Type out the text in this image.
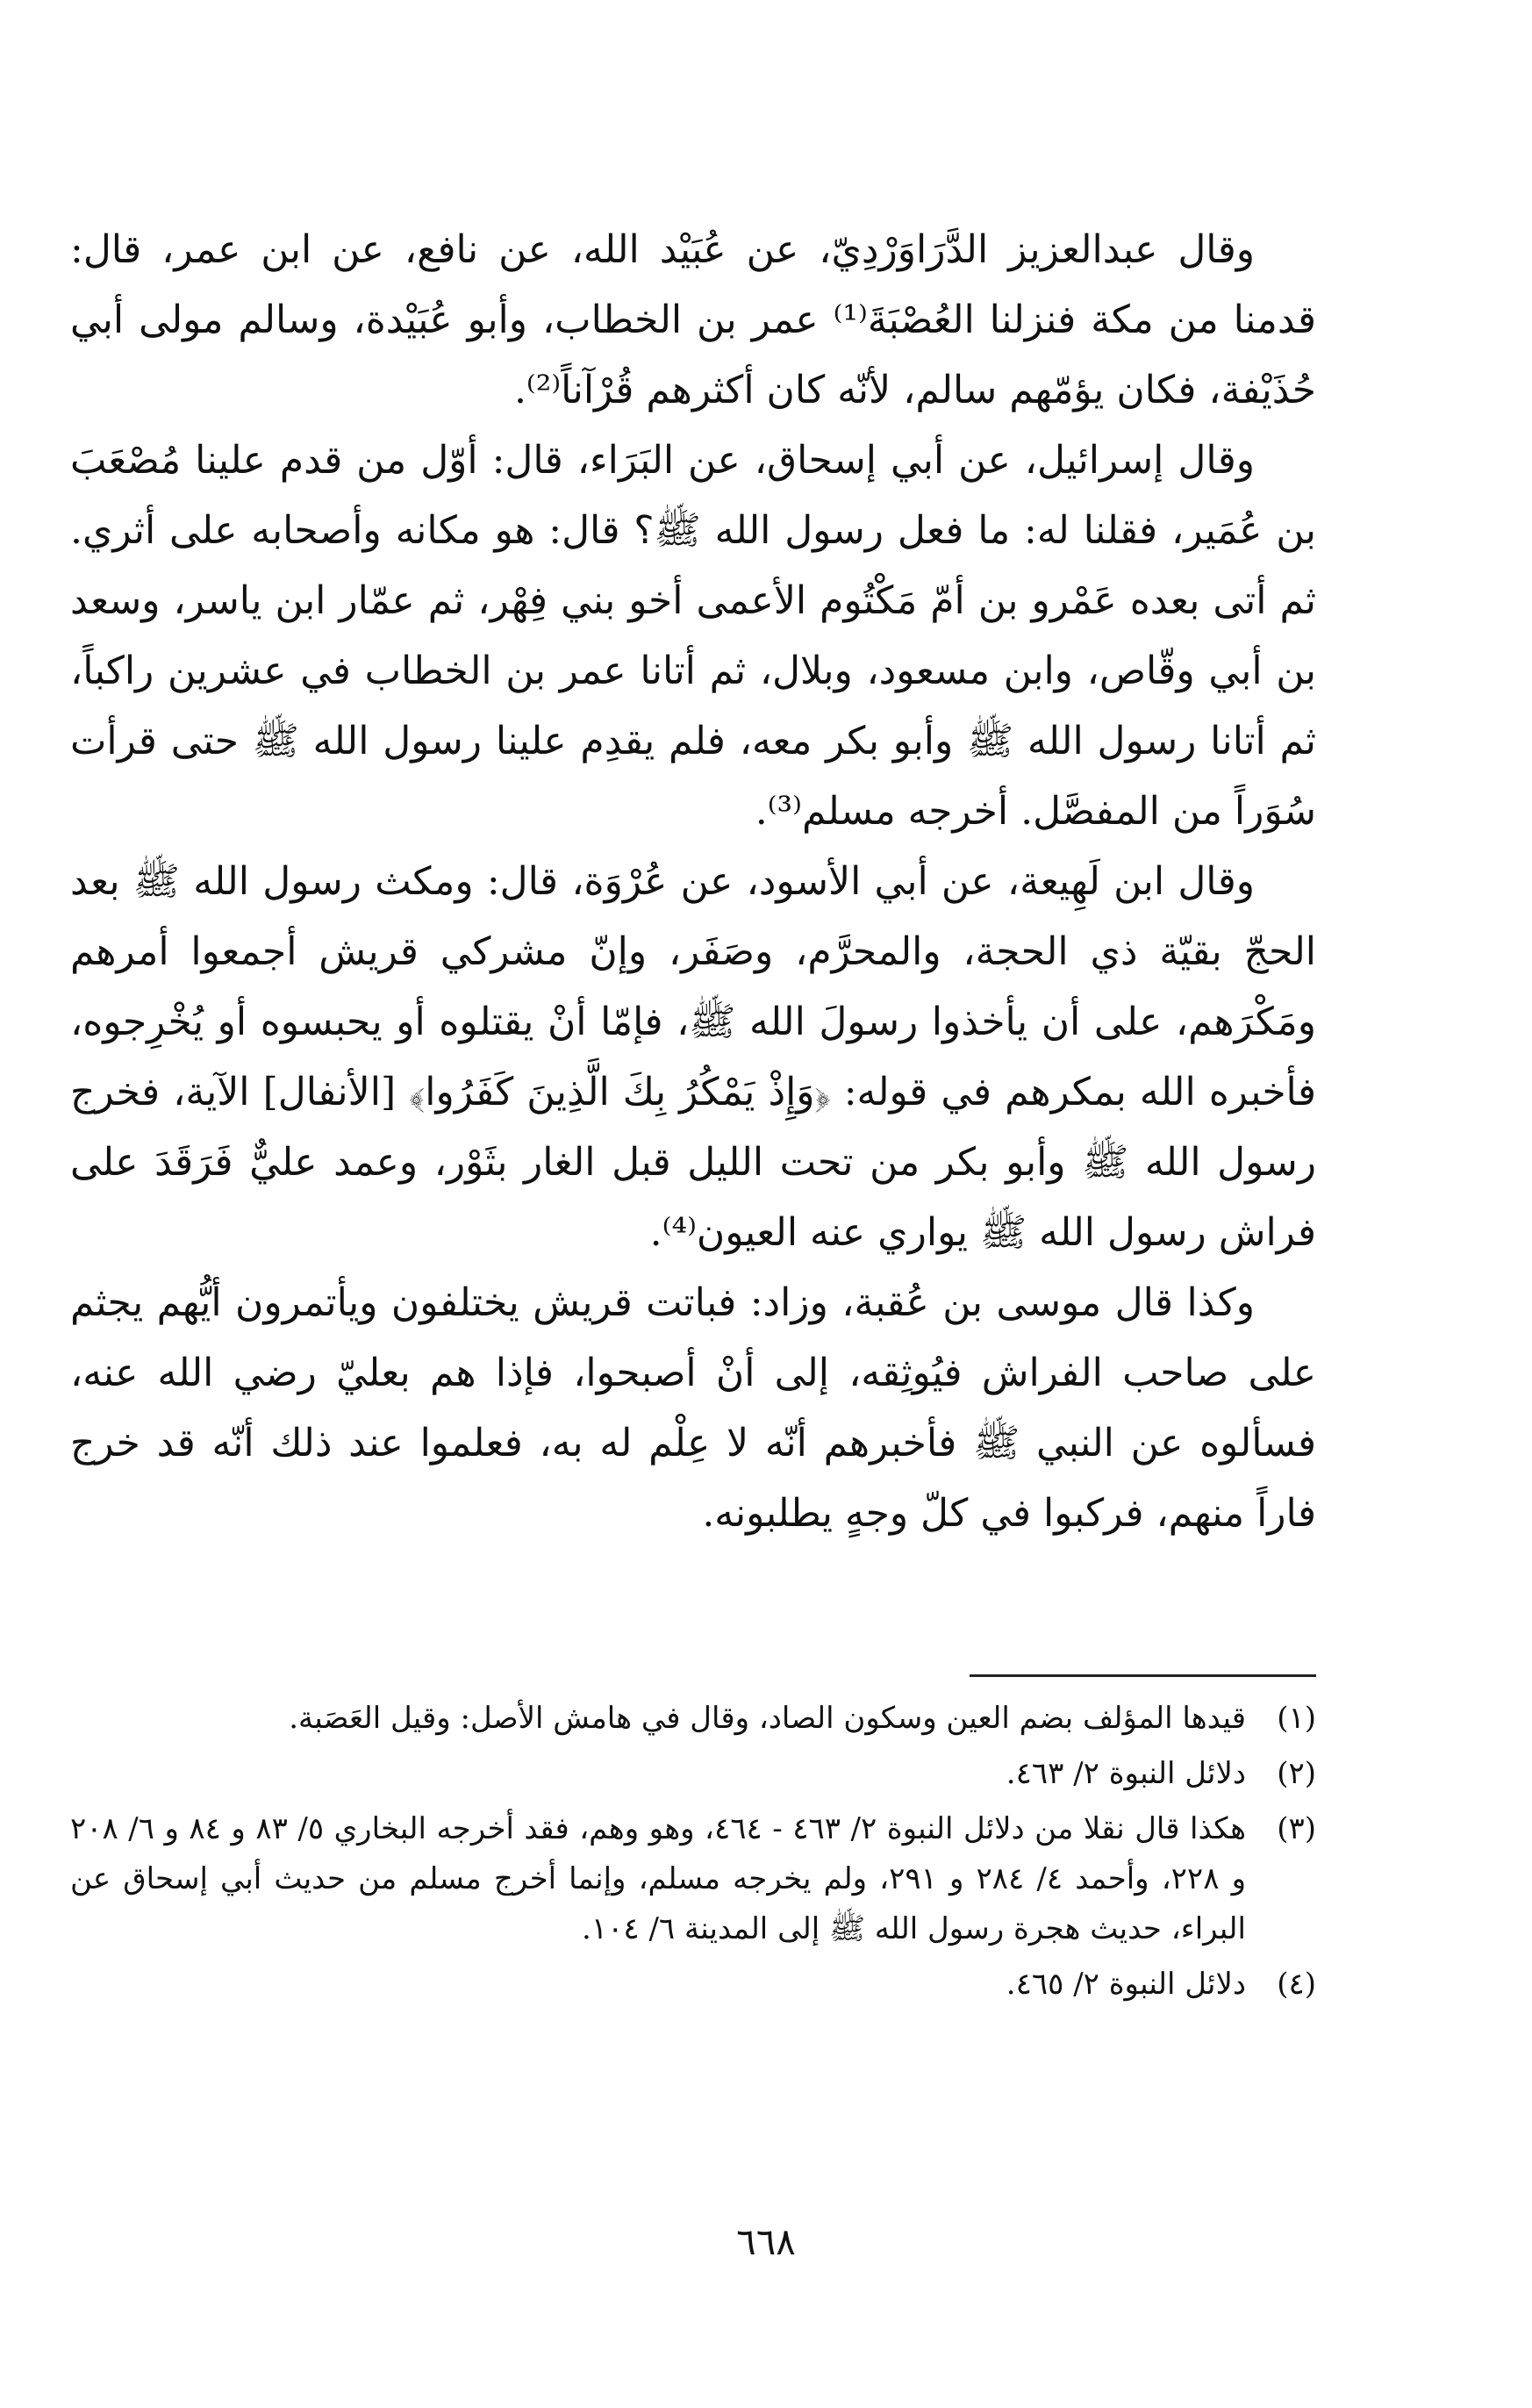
وقال عبدالعزيز الدَّرَاوَرْدِيّ، عن عُبَيْد الله، عن نافع، عن ابن عمر، قال: قدمنا من مكة فنزلنا العُصْبَةَ⁽¹⁾ عمر بن الخطاب، وأبو عُبَيْدة، وسالم مولى أبي حُذَيْفة، فكان يؤمّهم سالم، لأنّه كان أكثرهم قُرْآناً⁽²⁾.

وقال إسرائيل، عن أبي إسحاق، عن البَرَاء، قال: أوّل من قدم علينا مُصْعَبَ بن عُمَير، فقلنا له: ما فعل رسول الله ﷺ؟ قال: هو مكانه وأصحابه على أثري. ثم أتى بعده عَمْرو بن أمّ مَكْتُوم الأعمى أخو بني فِهْر، ثم عمّار ابن ياسر، وسعد بن أبي وقّاص، وابن مسعود، وبلال، ثم أتانا عمر بن الخطاب في عشرين راكباً، ثم أتانا رسول الله ﷺ وأبو بكر معه، فلم يقدِم علينا رسول الله ﷺ حتى قرأت سُوَراً من المفصَّل. أخرجه مسلم⁽³⁾.

وقال ابن لَهِيعة، عن أبي الأسود، عن عُرْوَة، قال: ومكث رسول الله ﷺ بعد الحجّ بقيّة ذي الحجة، والمحرَّم، وصَفَر، وإنّ مشركي قريش أجمعوا أمرهم ومَكْرَهم، على أن يأخذوا رسولَ الله ﷺ، فإمّا أنْ يقتلوه أو يحبسوه أو يُخْرِجوه، فأخبره الله بمكرهم في قوله: ﴿وَإِذْ يَمْكُرُ بِكَ الَّذِينَ كَفَرُوا﴾ [الأنفال] الآية، فخرج رسول الله ﷺ وأبو بكر من تحت الليل قبل الغار بثَوْر، وعمد عليٌّ فَرَقَدَ على فراش رسول الله ﷺ يواري عنه العيون⁽⁴⁾.

وكذا قال موسى بن عُقبة، وزاد: فباتت قريش يختلفون ويأتمرون أيُّهم يجثم على صاحب الفراش فيُوثِقه، إلى أنْ أصبحوا، فإذا هم بعليّ رضي الله عنه، فسألوه عن النبي ﷺ فأخبرهم أنّه لا عِلْم له به، فعلموا عند ذلك أنّه قد خرج فاراً منهم، فركبوا في كلّ وجهٍ يطلبونه.

(١)
قيدها المؤلف بضم العين وسكون الصاد، وقال في هامش الأصل: وقيل العَصَبة.
(٢)
دلائل النبوة ٢/ ٤٦٣.
(٣)
هكذا قال نقلا من دلائل النبوة ٢/ ٤٦٣ - ٤٦٤، وهو وهم، فقد أخرجه البخاري ٥/ ٨٣ و ٨٤ و ٦/ ٢٠٨ و ٢٢٨، وأحمد ٤/ ٢٨٤ و ٢٩١، ولم يخرجه مسلم، وإنما أخرج مسلم من حديث أبي إسحاق عن البراء، حديث هجرة رسول الله ﷺ إلى المدينة ٦/ ١٠٤.
(٤)
دلائل النبوة ٢/ ٤٦٥.
٦٦٨
